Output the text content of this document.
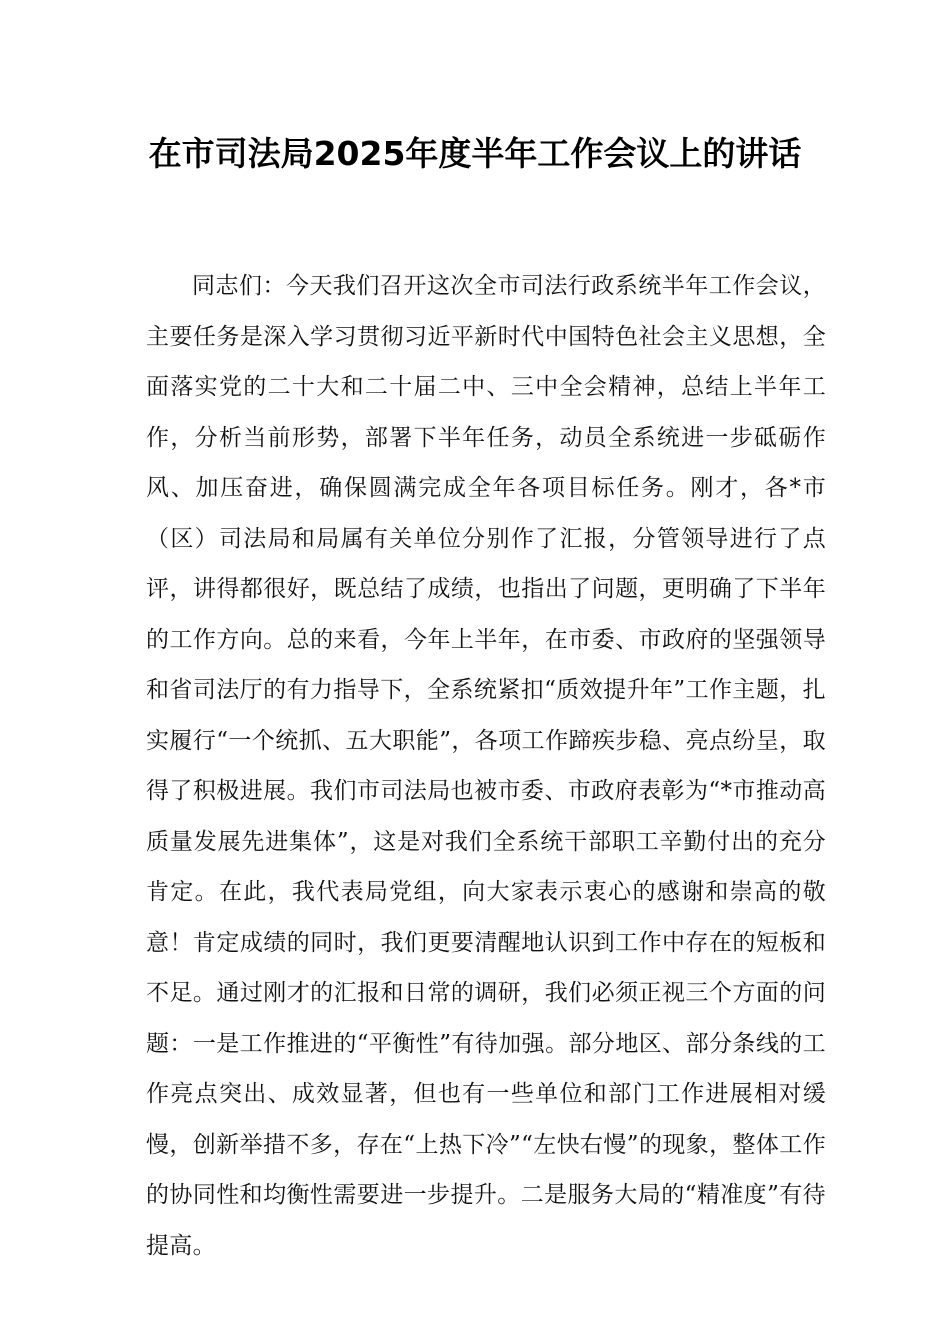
在市司法局2025年度半年工作会议上的讲话

同志们：今天我们召开这次全市司法行政系统半年工作会议，主要任务是深入学习贯彻习近平新时代中国特色社会主义思想，全面落实党的二十大和二十届二中、三中全会精神，总结上半年工作，分析当前形势，部署下半年任务，动员全系统进一步砥砺作风、加压奋进，确保圆满完成全年各项目标任务。刚才，各*市（区）司法局和局属有关单位分别作了汇报，分管领导进行了点评，讲得都很好，既总结了成绩，也指出了问题，更明确了下半年的工作方向。总的来看，今年上半年，在市委、市政府的坚强领导和省司法厅的有力指导下，全系统紧扣“质效提升年”工作主题，扎实履行“一个统抓、五大职能”，各项工作蹄疾步稳、亮点纷呈，取得了积极进展。我们市司法局也被市委、市政府表彰为“*市推动高质量发展先进集体”，这是对我们全系统干部职工辛勤付出的充分肯定。在此，我代表局党组，向大家表示衷心的感谢和崇高的敬意！肯定成绩的同时，我们更要清醒地认识到工作中存在的短板和不足。通过刚才的汇报和日常的调研，我们必须正视三个方面的问题：一是工作推进的“平衡性”有待加强。部分地区、部分条线的工作亮点突出、成效显著，但也有一些单位和部门工作进展相对缓慢，创新举措不多，存在“上热下冷”“左快右慢”的现象，整体工作的协同性和均衡性需要进一步提升。二是服务大局的“精准度”有待提高。
